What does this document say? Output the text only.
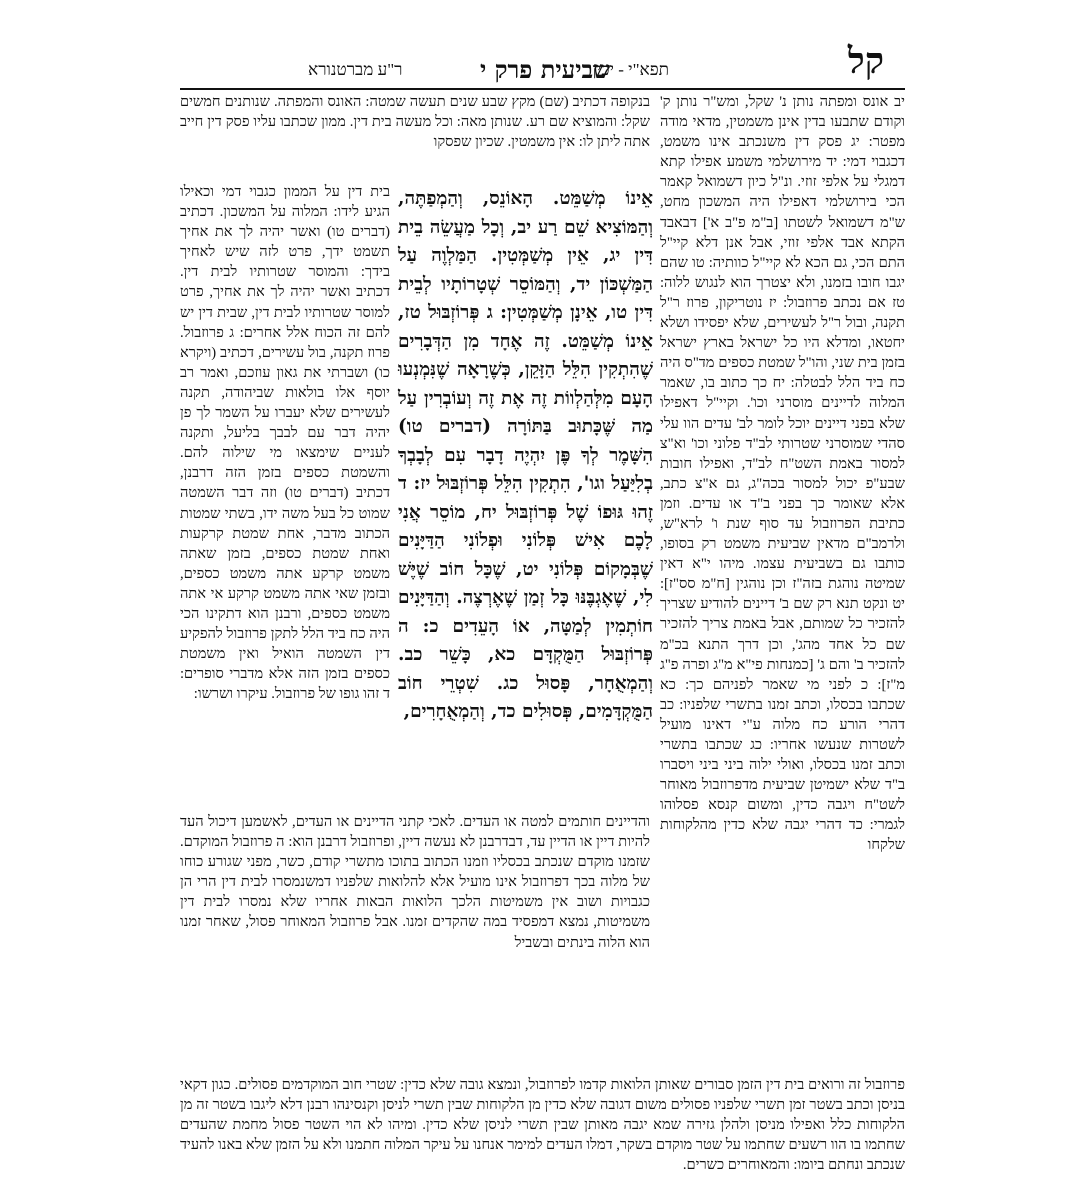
קל
תפא"י - יכין
שביעית פרק י
ר"ע מברטנורא

יב אונס ומפתה נותן נ' שקל, ומש"ר נותן ק' וקודם שתבעו בדין אינן משמטין, מדאי מודה מפטר: יג פסק דין משנכתב אינו משמט, דכגבוי דמי: יד מירושלמי משמע אפילו קתא דמגלי על אלפי זוזי. ונ"ל כיון דשמואל קאמר הכי בירושלמי דאפילו היה המשכון מחט, ש"מ דשמואל לשטתו [ב"מ פ"ב א'] דבאבד הקתא אבד אלפי זוזי, אבל אנן דלא קיי"ל התם הכי, גם הכא לא קיי"ל כוותיה: טו שהם יגבו חובו בזמנו, ולא יצטרך הוא לנגוש ללוה: טז אם נכתב פרוזבול: יז נוטריקון, פרוז ר"ל תקנה, ובול ר"ל לעשירים, שלא יפסידו ושלא יחטאו, ומדלא היו כל ישראל בארץ ישראל בזמן בית שני, והו"ל שמטת כספים מד"ס היה כח ביד הלל לבטלה: יח כך כתוב בו, שאמר המלוה לדיינים מוסרני וכו'. וקיי"ל דאפילו שלא בפני דיינים יוכל לומר לב' עדים הוו עלי סהדי שמוסרני שטרותי לב"ד פלוני וכו' וא"צ למסור באמת השט"ח לב"ד, ואפילו חובות שבע"פ יכול למסור בכה"ג, גם א"צ כתב, אלא שאומר כך בפני ב"ד או עדים. וזמן כתיבת הפרוזבול עד סוף שנת ו' לרא"ש, ולרמב"ם מדאין שביעית משמט רק בסופו, כותבו גם בשביעית עצמו. מיהו י"א דאין שמיטה נוהגת בזה"ז וכן נוהגין [ח"מ סס"ז]: יט ונקט תנא רק שם ב' דיינים להודיע שצריך להזכיר כל שמותם, אבל באמת צריך להזכיר שם כל אחד מהג', וכן דרך התנא בכ"מ להזכיר ב' והם ג' [כמנחות פי"א מ"ג ופרה פ"ג מ"ז]: כ לפני מי שאמר לפניהם כך: כא שכתבו בכסלו, וכתב זמנו בתשרי שלפניו: כב דהרי הורע כח מלוה ע"י דאינו מועיל לשטרות שנעשו אחריו: כג שכתבו בתשרי וכתב זמנו בכסלו, ואולי ילוה ביני ביני ויסברו ב"ד שלא ישמיטן שביעית מדפרוזבול מאוחר לשט"ח ויגבה כדין, ומשום קנסא פסלוהו לגמרי: כד דהרי יגבה שלא כדין מהלקוחות שלקחו

בנקופה דכתיב (שם) מקץ שבע שנים תעשה שמטה: האונס והמפתה. שנותנים חמשים שקל: והמוציא שם רע. שנותן מאה: וכל מעשה בית דין. ממון שכתבו עליו פסק דין חייב אתה ליתן לו: אין משמטין. שכיון שפסקו

בית דין על הממון כגבוי דמי וכאילו הגיע לידו: המלוה על המשכון. דכתיב (דברים טו) ואשר יהיה לך את אחיך תשמט ידך, פרט לזה שיש לאחיך בידך: והמוסר שטרותיו לבית דין. דכתיב ואשר יהיה לך את אחיך, פרט למוסר שטרותיו לבית דין, שבית דין יש להם זה הכוח אלל אחרים: ג פרוזבול. פרוז תקנה, בול עשירים, דכתיב (ויקרא כו) ושברתי את גאון עוזכם, ואמר רב יוסף אלו בולאות שביהודה, תקנה לעשירים שלא יעברו על השמר לך פן יהיה דבר עם לבבך בליעל, ותקנה לעניים שימצאו מי שילוה להם. והשמטת כספים בזמן הזה דרבנן, דכתיב (דברים טו) וזה דבר השמטה שמוט כל בעל משה ידו, בשתי שמטות הכתוב מדבר, אחת שמטת קרקעות ואחת שמטת כספים, בזמן שאתה משמט קרקע אתה משמט כספים, ובזמן שאי אתה משמט קרקע אי אתה משמט כספים, ורבנן הוא דתקינו הכי היה כח ביד הלל לתקן פרוזבול להפקיע דין השמטה הואיל ואין משמטת כספים בזמן הזה אלא מדברי סופרים: ד זהו גופו של פרוזבול. עיקרו ושרשו:

אֵינוֹ מְשַׁמֵּט. הָאוֹנֵס, וְהַמְפַתֶּה, וְהַמּוֹצִיא שֵׁם רַע יב, וְכָל מַעֲשֵׂה בֵית דִּין יג, אֵין מְשַׁמְּטִין. הַמַּלְוֶה עַל הַמַּשְׁכּוֹן יד, וְהַמּוֹסֵר שְׁטָרוֹתָיו לְבֵית דִּין טו, אֵינָן מְשַׁמְּטִין: ג פְּרוֹזְבּוּל טז, אֵינוֹ מְשַׁמֵּט. זֶה אֶחָד מִן הַדְּבָרִים שֶׁהִתְקִין הִלֵּל הַזָּקֵן, כְּשֶׁרָאָה שֶׁנִּמְנְעוּ הָעָם מִלְּהַלְווֹת זֶה אֶת זֶה וְעוֹבְרִין עַל מַה שֶּׁכָּתוּב בַּתּוֹרָה (דברים טו) הִשָּׁמֶר לְךָ פֶּן יִהְיֶה דָבָר עִם לְבָבְךָ בְלִיַּעַל וגו', הִתְקִין הִלֵּל פְּרוֹזְבּוּל יז: ד זֶהוּ גּוּפוֹ שֶׁל פְּרוֹזְבּוּל יח, מוֹסֵר אֲנִי לָכֶם אִישׁ פְּלוֹנִי וּפְלוֹנִי הַדַּיָּנִים שֶׁבְּמָקוֹם פְּלוֹנִי יט, שֶׁכָּל חוֹב שֶׁיֶּשׁ לִי, שֶׁאֶגְבֶּנּוּ כָּל זְמַן שֶׁאֶרְצֶה. וְהַדַּיָּנִים חוֹתְמִין לְמַטָּה, אוֹ הָעֵדִים כ: ה פְּרוֹזְבּוּל הַמֻּקְדָּם כא, כָּשֵׁר כב. וְהַמְאֻחָר, פָּסוּל כג. שִׁטְרֵי חוֹב הַמֻּקְדָּמִים, פְּסוּלִים כד, וְהַמְאֻחָרִים,

והדיינים חותמים למטה או העדים. לאכי קתני הדיינים או העדים, לאשמען דיכול העד להיות דיין או הדיין עד, דבדרבנן לא נעשה דיין, ופרוזבול דרבנן הוא: ה פרוזבול המוקדם. שזמנו מוקדם שנכתב בכסליו וזמנו הכתוב בתוכו מתשרי קודם, כשר, מפני שגורע כוחו של מלוה בכך דפרוזבול אינו מועיל אלא להלואות שלפניו דמשנמסרו לבית דין הרי הן כגבויות ושוב אין משמיטות הלכך הלואות הבאות אחריו שלא נמסרו לבית דין משמיטות, נמצא דמפסיד במה שהקדים זמנו. אבל פרוזבול המאוחר פסול, שאחר זמנו הוא הלוה בינתים ובשביל

פרוזבול זה ורואים בית דין הזמן סבורים שאותן הלואות קדמו לפרוזבול, ונמצא גובה שלא כדין: שטרי חוב המוקדמים פסולים. כגון דקאי בניסן וכתב בשטר זמן תשרי שלפניו פסולים משום דגובה שלא כדין מן הלקוחות שבין תשרי לניסן וקנסינהו רבנן דלא ליגבו בשטר זה מן הלקוחות כלל ואפילו מניסן ולהלן גזירה שמא יגבה מאותן שבין תשרי לניסן שלא כדין. ומיהו לא הוי השטר פסול מחמת שהעדים שחתמו בו הוו רשעים שחתמו על שטר מוקדם בשקר, דמלו העדים למימר אנחנו על עיקר המלוה חתמנו ולא על הזמן שלא באנו להעיד שנכתב ונחתם ביומו: והמאוחרים כשרים.
